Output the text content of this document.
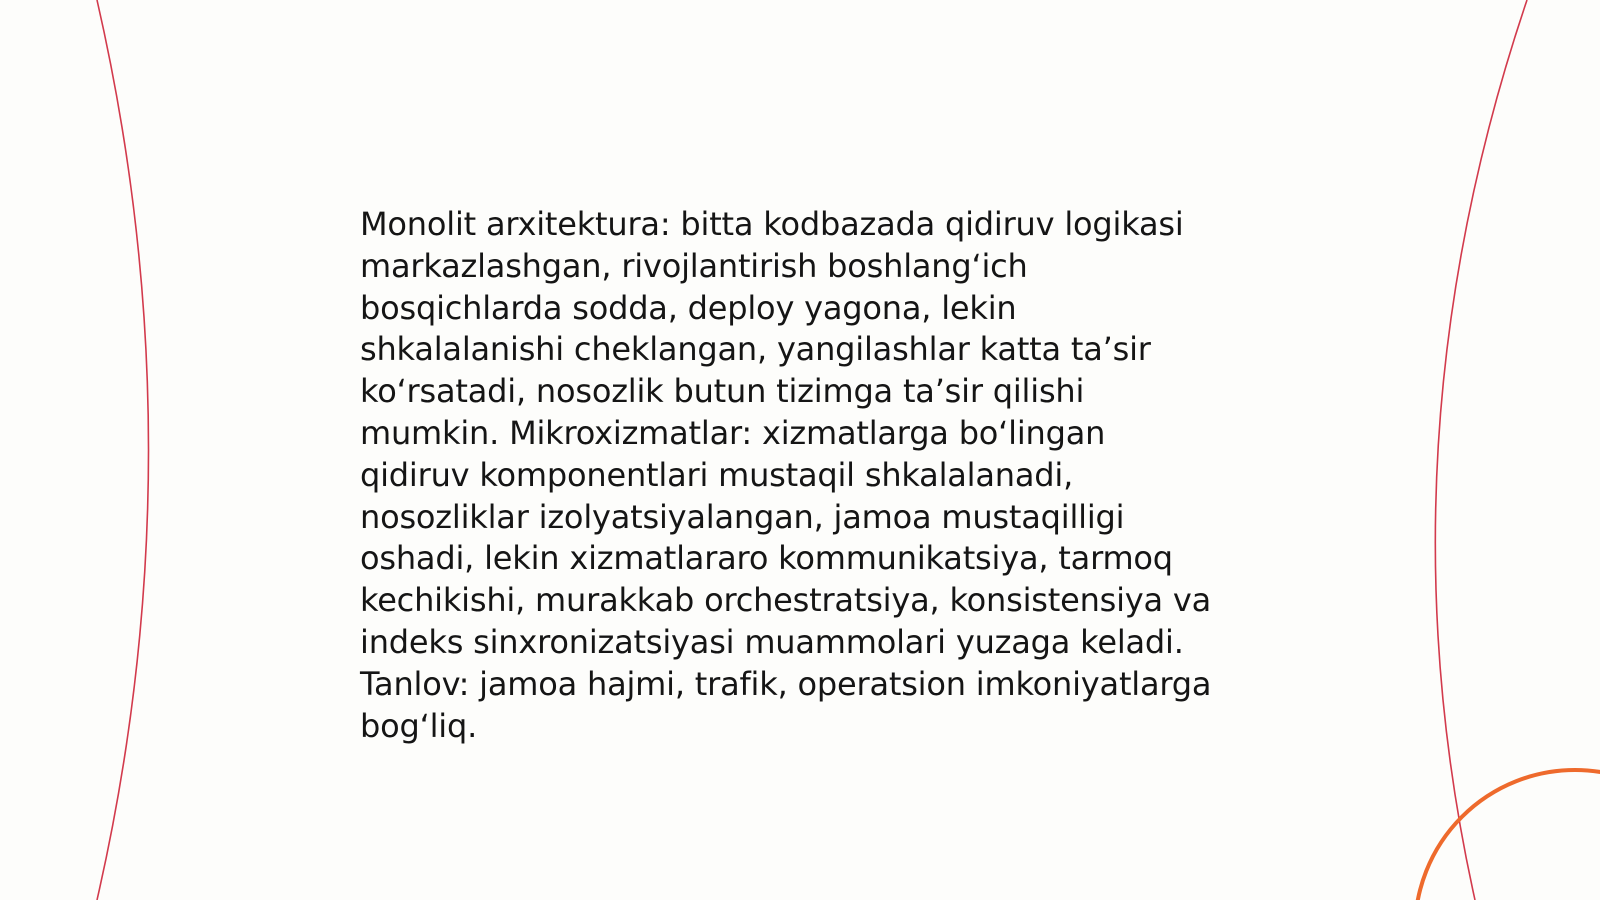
Monolit arxitektura: bitta kodbazada qidiruv logikasi
markazlashgan, rivojlantirish boshlang‘ich
bosqichlarda sodda, deploy yagona, lekin
shkalalanishi cheklangan, yangilashlar katta ta’sir
ko‘rsatadi, nosozlik butun tizimga ta’sir qilishi
mumkin. Mikroxizmatlar: xizmatlarga bo‘lingan
qidiruv komponentlari mustaqil shkalalanadi,
nosozliklar izolyatsiyalangan, jamoa mustaqilligi
oshadi, lekin xizmatlararo kommunikatsiya, tarmoq
kechikishi, murakkab orchestratsiya, konsistensiya va
indeks sinxronizatsiyasi muammolari yuzaga keladi.
Tanlov: jamoa hajmi, trafik, operatsion imkoniyatlarga
bog‘liq.
